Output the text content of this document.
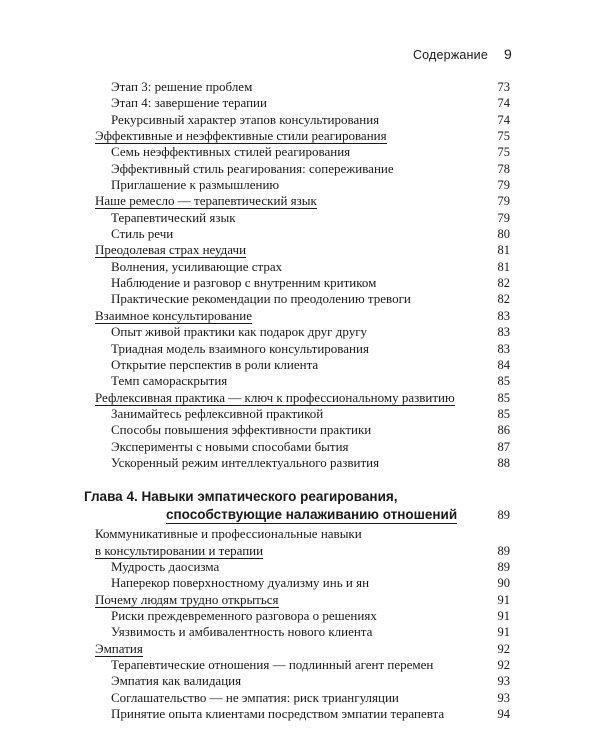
Содержание 9
Этап 3: решение проблем	73
Этап 4: завершение терапии	74
Рекурсивный характер этапов консультирования	74
Эффективные и неэффективные стили реагирования	75
Семь неэффективных стилей реагирования	75
Эффективный стиль реагирования: сопереживание	78
Приглашение к размышлению	79
Наше ремесло — терапевтический язык	79
Терапевтический язык	79
Стиль речи	80
Преодолевая страх неудачи	81
Волнения, усиливающие страх	81
Наблюдение и разговор с внутренним критиком	82
Практические рекомендации по преодолению тревоги	82
Взаимное консультирование	83
Опыт живой практики как подарок друг другу	83
Триадная модель взаимного консультирования	83
Открытие перспектив в роли клиента	84
Темп самораскрытия	85
Рефлексивная практика — ключ к профессиональному развитию	85
Занимайтесь рефлексивной практикой	85
Способы повышения эффективности практики	86
Эксперименты с новыми способами бытия	87
Ускоренный режим интеллектуального развития	88
Глава 4. Навыки эмпатического реагирования,
способствующие налаживанию отношений	89
Коммуникативные и профессиональные навыки
в консультировании и терапии	89
Мудрость даосизма	89
Наперекор поверхностному дуализму инь и ян	90
Почему людям трудно открыться	91
Риски преждевременного разговора о решениях	91
Уязвимость и амбивалентность нового клиента	91
Эмпатия	92
Терапевтические отношения — подлинный агент перемен	92
Эмпатия как валидация	93
Соглашательство — не эмпатия: риск триангуляции	93
Принятие опыта клиентами посредством эмпатии терапевта	94
